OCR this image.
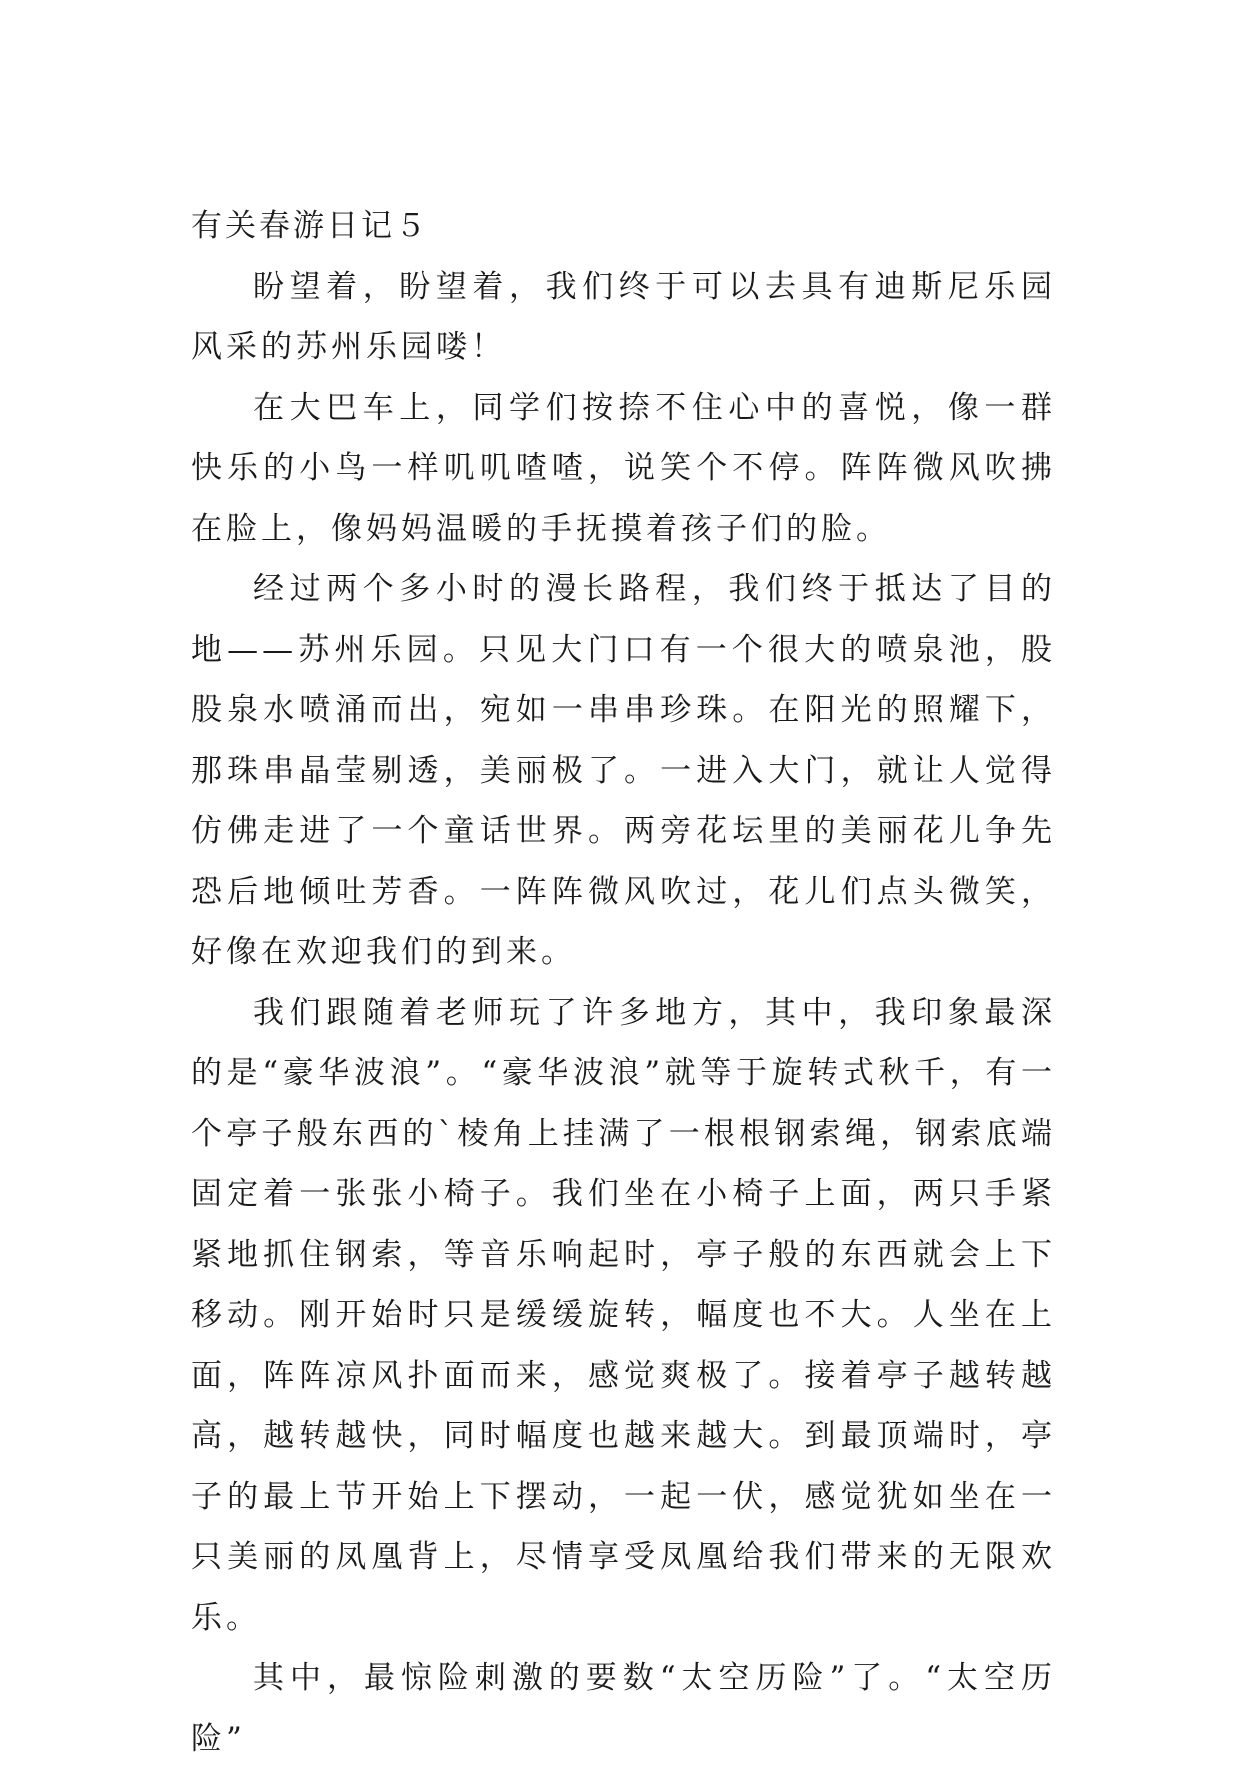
有关春游日记５

盼望着，盼望着，我们终于可以去具有迪斯尼乐园风采的苏州乐园喽！

在大巴车上，同学们按捺不住心中的喜悦，像一群快乐的小鸟一样叽叽喳喳，说笑个不停。阵阵微风吹拂在脸上，像妈妈温暖的手抚摸着孩子们的脸。

经过两个多小时的漫长路程，我们终于抵达了目的地——苏州乐园。只见大门口有一个很大的喷泉池，股股泉水喷涌而出，宛如一串串珍珠。在阳光的照耀下，那珠串晶莹剔透，美丽极了。一进入大门，就让人觉得仿佛走进了一个童话世界。两旁花坛里的美丽花儿争先恐后地倾吐芳香。一阵阵微风吹过，花儿们点头微笑，好像在欢迎我们的到来。

我们跟随着老师玩了许多地方，其中，我印象最深的是“豪华波浪”。“豪华波浪”就等于旋转式秋千，有一个亭子般东西的`棱角上挂满了一根根钢索绳，钢索底端固定着一张张小椅子。我们坐在小椅子上面，两只手紧紧地抓住钢索，等音乐响起时，亭子般的东西就会上下移动。刚开始时只是缓缓旋转，幅度也不大。人坐在上面，阵阵凉风扑面而来，感觉爽极了。接着亭子越转越高，越转越快，同时幅度也越来越大。到最顶端时，亭子的最上节开始上下摆动，一起一伏，感觉犹如坐在一只美丽的凤凰背上，尽情享受凤凰给我们带来的无限欢乐。

其中，最惊险刺激的要数“太空历险”了。“太空历险”
